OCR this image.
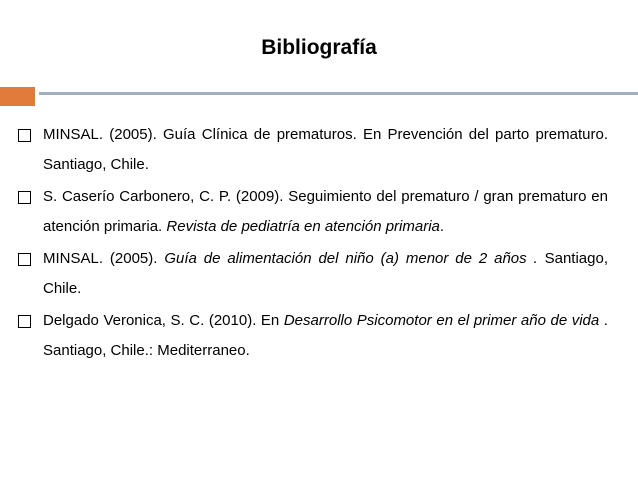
Bibliografía
MINSAL. (2005). Guía Clínica de prematuros. En Prevención del parto prematuro. Santiago, Chile.
S. Caserío Carbonero, C. P. (2009). Seguimiento del prematuro / gran prematuro en atención primaria. Revista de pediatría en atención primaria.
MINSAL. (2005). Guía de alimentación del niño (a) menor de 2 años . Santiago, Chile.
Delgado Veronica, S. C. (2010). En Desarrollo Psicomotor en el primer año de vida . Santiago, Chile.: Mediterraneo.
